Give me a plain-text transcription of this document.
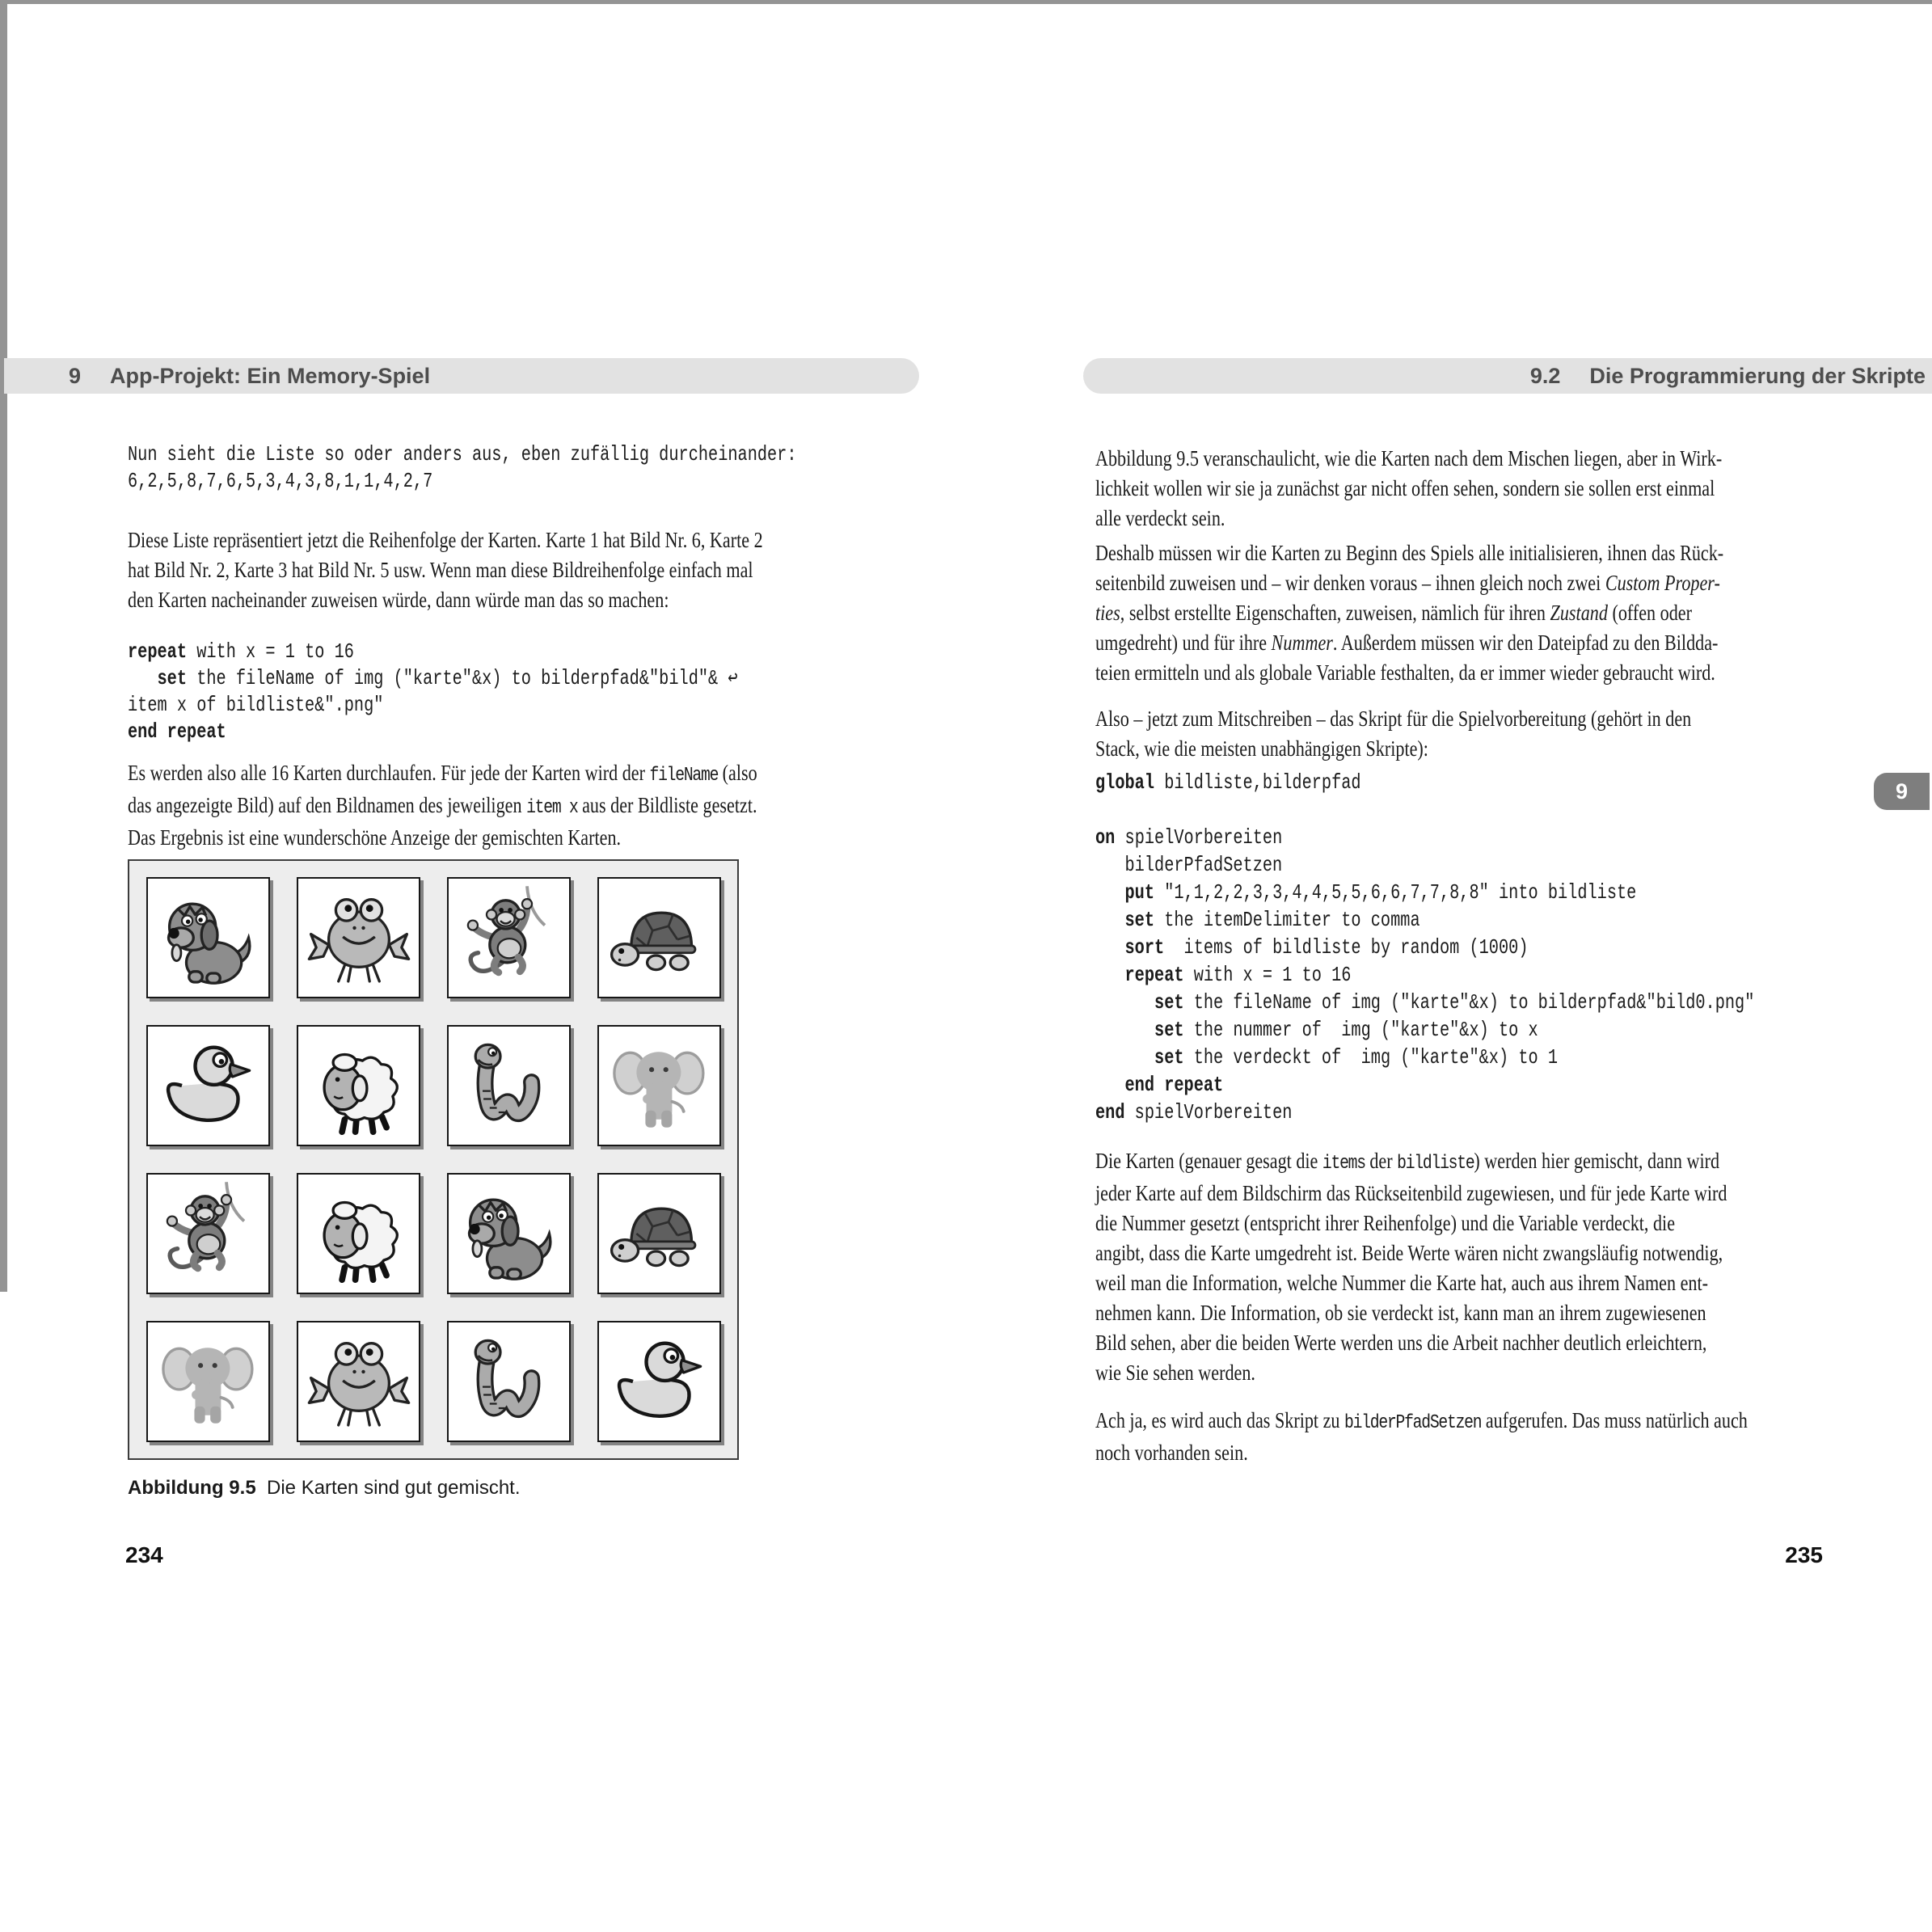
9 App-Projekt: Ein Memory-Spiel
Nun sieht die Liste so oder anders aus, eben zufällig durcheinander:
6,2,5,8,7,6,5,3,4,3,8,1,1,4,2,7
Diese Liste repräsentiert jetzt die Reihenfolge der Karten. Karte 1 hat Bild Nr. 6, Karte 2
hat Bild Nr. 2, Karte 3 hat Bild Nr. 5 usw. Wenn man diese Bildreihenfolge einfach mal
den Karten nacheinander zuweisen würde, dann würde man das so machen:
repeat with x = 1 to 16
set the fileName of img ("karte"&x) to bilderpfad&"bild"& ↩
item x of bildliste&".png"
end repeat
Es werden also alle 16 Karten durchlaufen. Für jede der Karten wird der fileName (also
das angezeigte Bild) auf den Bildnamen des jeweiligen item x aus der Bildliste gesetzt.
Das Ergebnis ist eine wunderschöne Anzeige der gemischten Karten.
Abbildung 9.5 Die Karten sind gut gemischt.
234
9.2 Die Programmierung der Skripte
Abbildung 9.5 veranschaulicht, wie die Karten nach dem Mischen liegen, aber in Wirk-
lichkeit wollen wir sie ja zunächst gar nicht offen sehen, sondern sie sollen erst einmal
alle verdeckt sein.
Deshalb müssen wir die Karten zu Beginn des Spiels alle initialisieren, ihnen das Rück-
seitenbild zuweisen und – wir denken voraus – ihnen gleich noch zwei Custom Proper-
ties, selbst erstellte Eigenschaften, zuweisen, nämlich für ihren Zustand (offen oder
umgedreht) und für ihre Nummer. Außerdem müssen wir den Dateipfad zu den Bildda-
teien ermitteln und als globale Variable festhalten, da er immer wieder gebraucht wird.
Also – jetzt zum Mitschreiben – das Skript für die Spielvorbereitung (gehört in den
Stack, wie die meisten unabhängigen Skripte):
global bildliste,bilderpfad

on spielVorbereiten
bilderPfadSetzen
put "1,1,2,2,3,3,4,4,5,5,6,6,7,7,8,8" into bildliste
set the itemDelimiter to comma
sort  items of bildliste by random (1000)
repeat with x = 1 to 16
set the fileName of img ("karte"&x) to bilderpfad&"bild0.png"
set the nummer of  img ("karte"&x) to x
set the verdeckt of  img ("karte"&x) to 1
end repeat
end spielVorbereiten
Die Karten (genauer gesagt die items der bildliste) werden hier gemischt, dann wird
jeder Karte auf dem Bildschirm das Rückseitenbild zugewiesen, und für jede Karte wird
die Nummer gesetzt (entspricht ihrer Reihenfolge) und die Variable verdeckt, die
angibt, dass die Karte umgedreht ist. Beide Werte wären nicht zwangsläufig notwendig,
weil man die Information, welche Nummer die Karte hat, auch aus ihrem Namen ent-
nehmen kann. Die Information, ob sie verdeckt ist, kann man an ihrem zugewiesenen
Bild sehen, aber die beiden Werte werden uns die Arbeit nachher deutlich erleichtern,
wie Sie sehen werden.
Ach ja, es wird auch das Skript zu bilderPfadSetzen aufgerufen. Das muss natürlich auch
noch vorhanden sein.
235
9
